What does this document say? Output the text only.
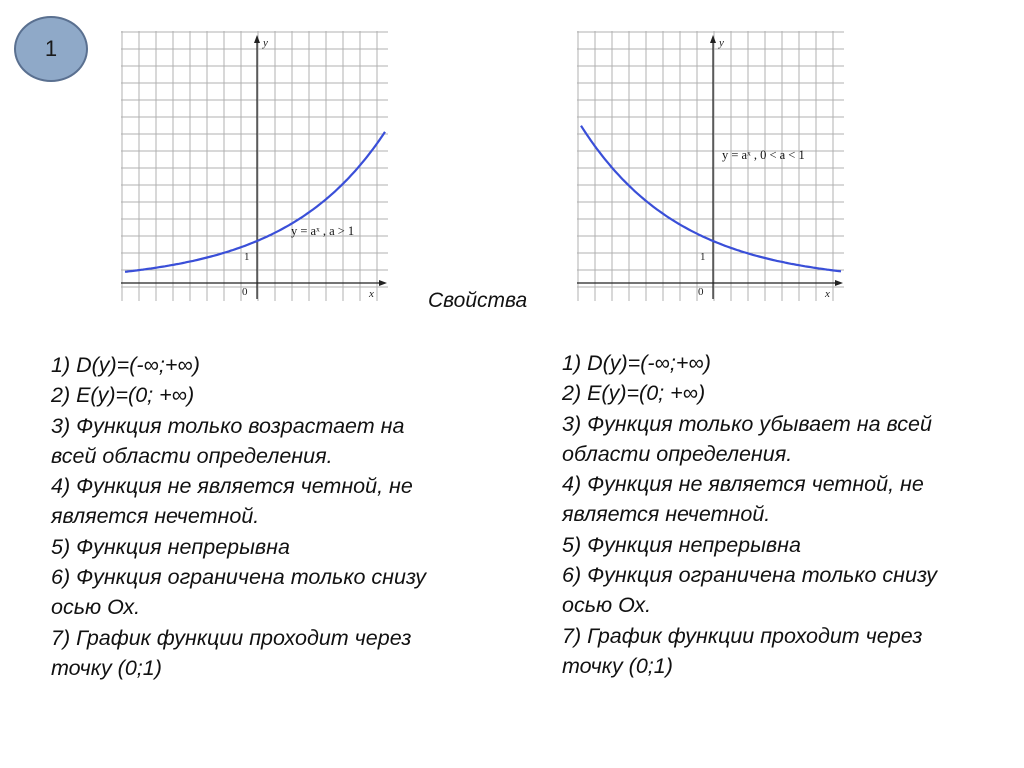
1	y
x
0
1
y = aˣ , a > 1
y
x
0
1
y = aˣ , 0 < a < 1
Свойства
1) D(y)=(-∞;+∞)
2) E(y)=(0; +∞)
3) Функция только возрастает на всей области определения.
4) Функция не является четной, не является нечетной.
5) Функция непрерывна
6) Функция ограничена только снизу осью Ох.
7) График функции проходит через точку (0;1)
1) D(y)=(-∞;+∞)
2) E(y)=(0; +∞)
3) Функция только убывает на всей области определения.
4) Функция не является четной, не является нечетной.
5) Функция непрерывна
6) Функция ограничена только снизу осью Ох.
7) График функции проходит через точку (0;1)
